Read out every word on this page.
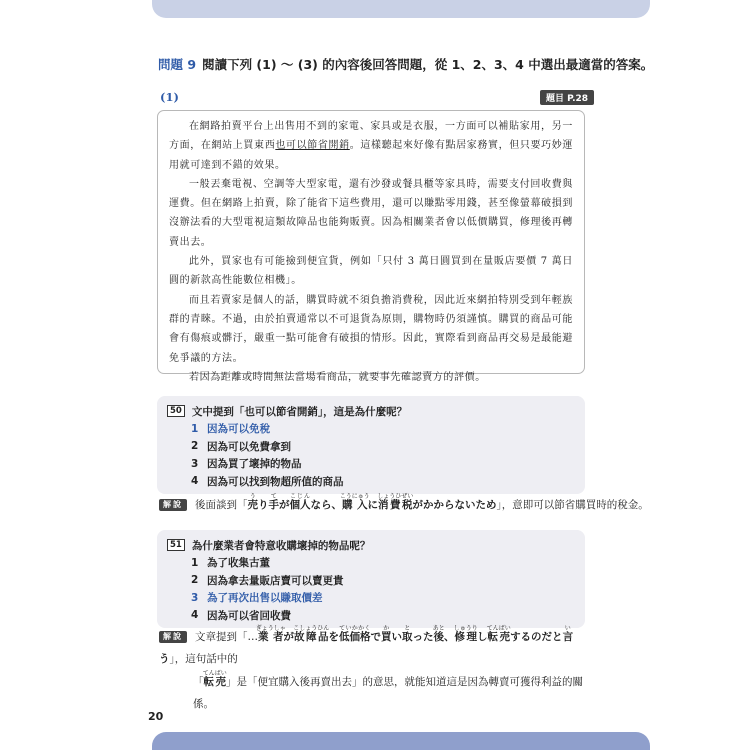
問題 9 閱讀下列 (1) 〜 (3) 的內容後回答問題，從 1、2、3、4 中選出最適當的答案。
(1)	題目 P.28

在網路拍賣平台上出售用不到的家電、家具或是衣服，一方面可以補貼家用，另一方面，在網站上買東西也可以節省開銷。這樣聽起來好像有點居家務實，但只要巧妙運用就可達到不錯的效果。

一般丟棄電視、空調等大型家電，還有沙發或餐具櫃等家具時，需要支付回收費與運費。但在網路上拍賣，除了能省下這些費用，還可以賺點零用錢，甚至像螢幕破損到沒辦法看的大型電視這類故障品也能夠販賣。因為相關業者會以低價購買，修理後再轉賣出去。

此外，買家也有可能撿到便宜貨，例如「只付 3 萬日圓買到在量販店要價 7 萬日圓的新款高性能數位相機」。

而且若賣家是個人的話，購買時就不須負擔消費稅，因此近來網拍特別受到年輕族群的青睞。不過，由於拍賣通常以不可退貨為原則，購物時仍須謹慎。購買的商品可能會有傷痕或髒汙，嚴重一點可能會有破損的情形。因此，實際看到商品再交易是最能避免爭議的方法。

若因為距離或時間無法當場看商品，就要事先確認賣方的評價。

50 文中提到「也可以節省開銷」，這是為什麼呢？
1 因為可以免稅
2 因為可以免費拿到
3 因為買了壞掉的物品
4 因為可以找到物超所值的商品
解說 後面談到「売り手う　てが個人こじんなら、購入こうにゅうに消費税しょうひぜいがかからないため」，意即可以節省購買時的稅金。
51 為什麼業者會特意收購壞掉的物品呢？
1 為了收集古董
2 因為拿去量販店賣可以賣更貴
3 為了再次出售以賺取價差
4 因為可以省回收費
解說 文章提到「…業者ぎょうしゃが故障品こしょうひんを低価格ていかかくで買かい取とった後あと、修理しゅうりし転売てんばいするのだと言いう」，這句話中的
「転売てんばい」是「便宜購入後再賣出去」的意思，就能知道這是因為轉賣可獲得利益的關係。
20
